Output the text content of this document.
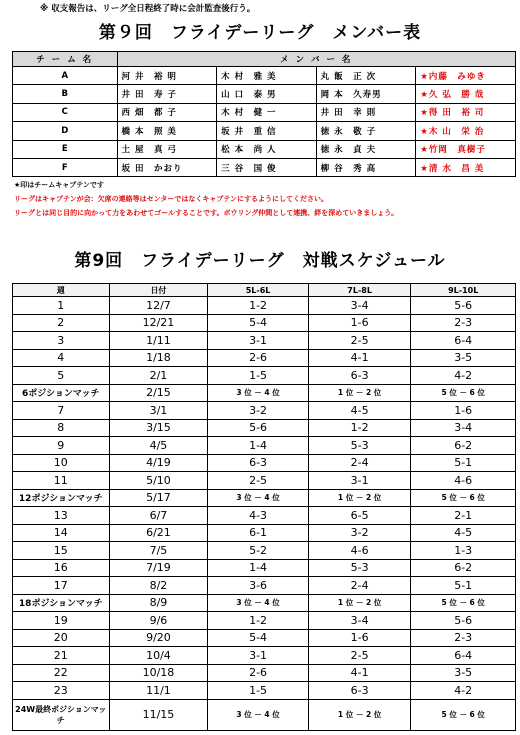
※ 収支報告は、リーグ全日程終了時に会計監査後行う。
第９回　フライデーリーグ　メンバー表
チ ー ム 名	メ ン バ ー 名			
A	河 井　裕 明	木 村　雅 美	丸 飯　正 次	★内藤　みゆき
B	井 田　寿 子	山 口　泰 男	岡 本　久寿男	★久 弘　勝 哉
C	西 畑　都 子	木 村　健 一	井 田　幸 則	★得 田　裕 司
D	橋 本　照 美	坂 井　重 信	徳 永　敬 子	★木 山　栄 治
E	土 屋　真 弓	松 本　尚 人	徳 永　貞 夫	★竹岡　真樹子
F	坂 田　かおり	三 谷　国 俊	柳 谷　秀 高	★清 水　昌 美
★印はチームキャプテンです
リーグはキャプテンが会：欠席の連絡等はセンターではなくキャプテンにするようにしてください。
リーグとは同じ目的に向かって力をあわせてゴールすることです。ボウリング仲間として連携、絆を深めていきましょう。
第9回　フライデーリーグ　対戦スケジュール
週	日付	5L-6L	7L-8L	9L-10L
1	12/7	1-2	3-4	5-6
2	12/21	5-4	1-6	2-3
3	1/11	3-1	2-5	6-4
4	1/18	2-6	4-1	3-5
5	2/1	1-5	6-3	4-2
6ポジションマッチ	2/15	3 位 － 4 位	1 位 － 2 位	5 位 － 6 位
7	3/1	3-2	4-5	1-6
8	3/15	5-6	1-2	3-4
9	4/5	1-4	5-3	6-2
10	4/19	6-3	2-4	5-1
11	5/10	2-5	3-1	4-6
12ポジションマッチ	5/17	3 位 － 4 位	1 位 － 2 位	5 位 － 6 位
13	6/7	4-3	6-5	2-1
14	6/21	6-1	3-2	4-5
15	7/5	5-2	4-6	1-3
16	7/19	1-4	5-3	6-2
17	8/2	3-6	2-4	5-1
18ポジションマッチ	8/9	3 位 － 4 位	1 位 － 2 位	5 位 － 6 位
19	9/6	1-2	3-4	5-6
20	9/20	5-4	1-6	2-3
21	10/4	3-1	2-5	6-4
22	10/18	2-6	4-1	3-5
23	11/1	1-5	6-3	4-2
24W最終ポジションマッチ	11/15	3 位 － 4 位	1 位 － 2 位	5 位 － 6 位
